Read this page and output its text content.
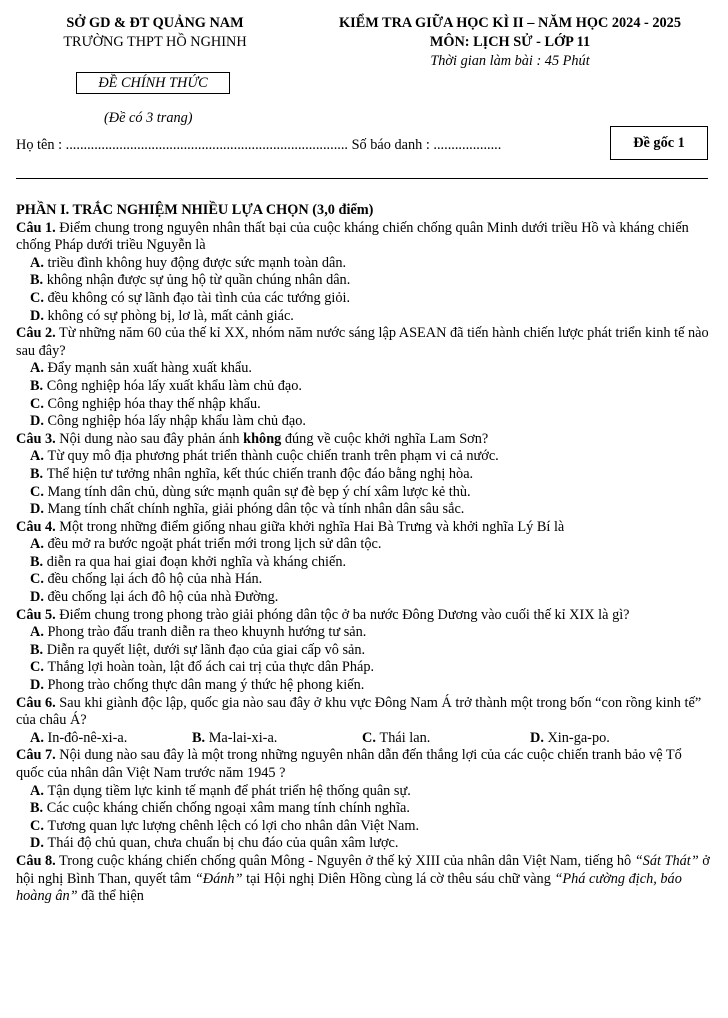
SỞ GD & ĐT QUẢNG NAM
TRƯỜNG THPT HỒ NGHINH
KIỂM TRA GIỮA HỌC KÌ II – NĂM HỌC 2024 - 2025
MÔN: LỊCH SỬ - LỚP 11
Thời gian làm bài : 45 Phút
ĐỀ CHÍNH THỨC
(Đề có 3 trang)
Họ tên : ............................................................................... Số báo danh : ...................	Đề gốc 1
PHẦN I. TRẮC NGHIỆM NHIỀU LỰA CHỌN (3,0 điểm)
Câu 1. Điểm chung trong nguyên nhân thất bại của cuộc kháng chiến chống quân Minh dưới triều Hồ và kháng chiến chống Pháp dưới triều Nguyễn là
A. triều đình không huy động được sức mạnh toàn dân.
B. không nhận được sự ủng hộ từ quần chúng nhân dân.
C. đều không có sự lãnh đạo tài tình của các tướng giỏi.
D. không có sự phòng bị, lơ là, mất cảnh giác.
Câu 2. Từ những năm 60 của thế kỉ XX, nhóm năm nước sáng lập ASEAN đã tiến hành chiến lược phát triển kinh tế nào sau đây?
A. Đẩy mạnh sản xuất hàng xuất khẩu.
B. Công nghiệp hóa lấy xuất khẩu làm chủ đạo.
C. Công nghiệp hóa thay thế nhập khẩu.
D. Công nghiệp hóa lấy nhập khẩu làm chủ đạo.
Câu 3. Nội dung nào sau đây phản ánh không đúng về cuộc khởi nghĩa Lam Sơn?
A. Từ quy mô địa phương phát triển thành cuộc chiến tranh trên phạm vi cả nước.
B. Thể hiện tư tưởng nhân nghĩa, kết thúc chiến tranh độc đáo bằng nghị hòa.
C. Mang tính dân chủ, dùng sức mạnh quân sự đè bẹp ý chí xâm lược kẻ thù.
D. Mang tính chất chính nghĩa, giải phóng dân tộc và tính nhân dân sâu sắc.
Câu 4. Một trong những điểm giống nhau giữa khởi nghĩa Hai Bà Trưng và khởi nghĩa Lý Bí là
A. đều mở ra bước ngoặt phát triển mới trong lịch sử dân tộc.
B. diễn ra qua hai giai đoạn khởi nghĩa và kháng chiến.
C. đều chống lại ách đô hộ của nhà Hán.
D. đều chống lại ách đô hộ của nhà Đường.
Câu 5. Điểm chung trong phong trào giải phóng dân tộc ở ba nước Đông Dương vào cuối thế kỉ XIX là gì?
A. Phong trào đấu tranh diễn ra theo khuynh hướng tư sản.
B. Diễn ra quyết liệt, dưới sự lãnh đạo của giai cấp vô sản.
C. Thắng lợi hoàn toàn, lật đổ ách cai trị của thực dân Pháp.
D. Phong trào chống thực dân mang ý thức hệ phong kiến.
Câu 6. Sau khi giành độc lập, quốc gia nào sau đây ở khu vực Đông Nam Á trở thành một trong bốn “con rồng kinh tế” của châu Á?
A. In-đô-nê-xi-a.	B. Ma-lai-xi-a.	C. Thái lan.	D. Xin-ga-po.
Câu 7. Nội dung nào sau đây là một trong những nguyên nhân dẫn đến thắng lợi của các cuộc chiến tranh bảo vệ Tổ quốc của nhân dân Việt Nam trước năm 1945 ?
A. Tận dụng tiềm lực kinh tế mạnh để phát triển hệ thống quân sự.
B. Các cuộc kháng chiến chống ngoại xâm mang tính chính nghĩa.
C. Tương quan lực lượng chênh lệch có lợi cho nhân dân Việt Nam.
D. Thái độ chủ quan, chưa chuẩn bị chu đáo của quân xâm lược.
Câu 8. Trong cuộc kháng chiến chống quân Mông - Nguyên ở thế kỷ XIII của nhân dân Việt Nam, tiếng hô “Sát Thát” ở hội nghị Bình Than, quyết tâm “Đánh” tại Hội nghị Diên Hồng cùng lá cờ thêu sáu chữ vàng “Phá cường địch, báo hoàng ân” đã thể hiện
